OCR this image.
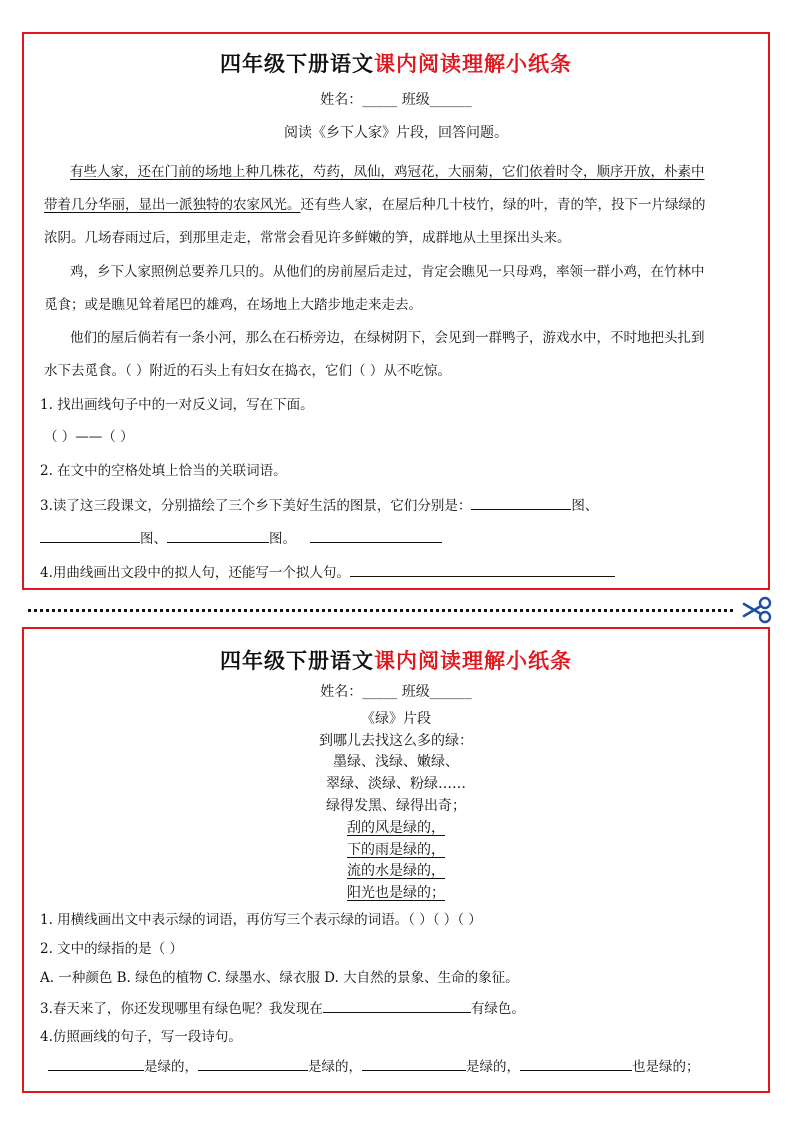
四年级下册语文课内阅读理解小纸条
姓名：_____ 班级______
阅读《乡下人家》片段，回答问题。
有些人家，还在门前的场地上种几株花，芍药，凤仙，鸡冠花，大丽菊，它们依着时令，顺序开放，朴素中
带着几分华丽，显出一派独特的农家风光。还有些人家，在屋后种几十枝竹，绿的叶，青的竿，投下一片绿绿的
浓阴。几场春雨过后，到那里走走，常常会看见许多鲜嫩的笋，成群地从土里探出头来。
鸡，乡下人家照例总要养几只的。从他们的房前屋后走过，肯定会瞧见一只母鸡，率领一群小鸡，在竹林中
觅食；或是瞧见耸着尾巴的雄鸡，在场地上大踏步地走来走去。
他们的屋后倘若有一条小河，那么在石桥旁边，在绿树阴下，会见到一群鸭子，游戏水中，不时地把头扎到
水下去觅食。（ ）附近的石头上有妇女在捣衣，它们（ ）从不吃惊。
1. 找出画线句子中的一对反义词，写在下面。
（ ）——（ ）
2. 在文中的空格处填上恰当的关联词语。
3.读了这三段课文，分别描绘了三个乡下美好生活的图景，它们分别是：	图、
图、	图。
4.用曲线画出文段中的拟人句，还能写一个拟人句。
四年级下册语文课内阅读理解小纸条
姓名：_____ 班级______
《绿》片段
到哪儿去找这么多的绿：
墨绿、浅绿、嫩绿、
翠绿、淡绿、粉绿……
绿得发黑、绿得出奇；
刮的风是绿的，
下的雨是绿的，
流的水是绿的，
阳光也是绿的；
1. 用横线画出文中表示绿的词语，再仿写三个表示绿的词语。（ ）（ ）（ ）
2. 文中的绿指的是（ ）
A. 一种颜色 B. 绿色的植物 C. 绿墨水、绿衣服 D. 大自然的景象、生命的象征。
3.春天来了，你还发现哪里有绿色呢？我发现在	有绿色。
4.仿照画线的句子，写一段诗句。
是绿的，	是绿的，	是绿的，	也是绿的；
